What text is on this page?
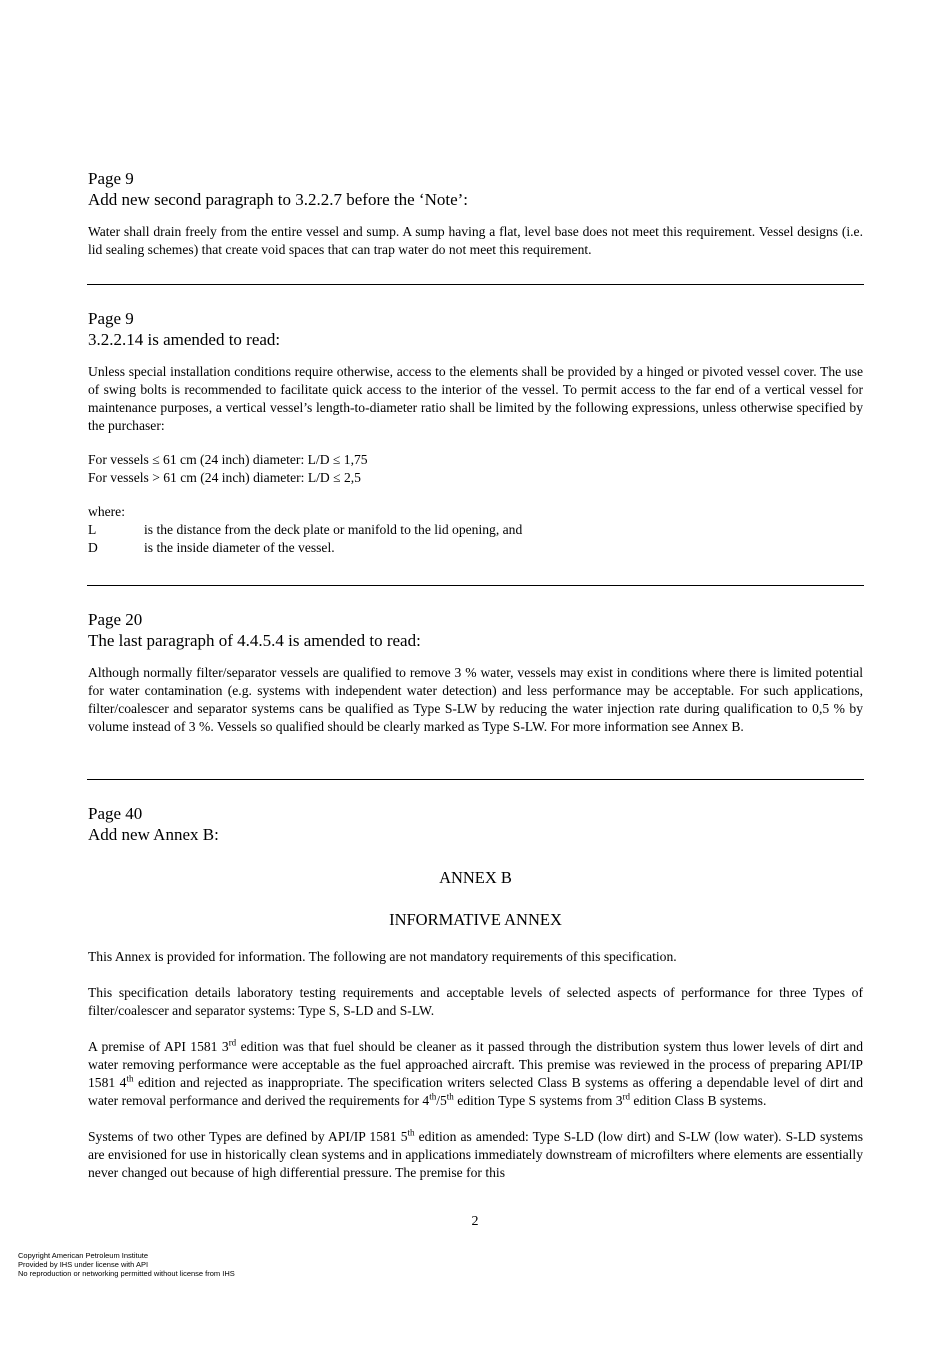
Page 9

Add new second paragraph to 3.2.2.7 before the ‘Note’:

Water shall drain freely from the entire vessel and sump. A sump having a flat, level base does not meet this requirement. Vessel designs (i.e. lid sealing schemes) that create void spaces that can trap water do not meet this requirement.

Page 9

3.2.2.14 is amended to read:

Unless special installation conditions require otherwise, access to the elements shall be provided by a hinged or pivoted vessel cover. The use of swing bolts is recommended to facilitate quick access to the interior of the vessel. To permit access to the far end of a vertical vessel for maintenance purposes, a vertical vessel’s length-to-diameter ratio shall be limited by the following expressions, unless otherwise specified by the purchaser:

For vessels ≤ 61 cm (24 inch) diameter: L/D ≤ 1,75

For vessels > 61 cm (24 inch) diameter: L/D ≤ 2,5

where:

L	is the distance from the deck plate or manifold to the lid opening, and
D	is the inside diameter of the vessel.

Page 20

The last paragraph of 4.4.5.4 is amended to read:

Although normally filter/separator vessels are qualified to remove 3 % water, vessels may exist in conditions where there is limited potential for water contamination (e.g. systems with independent water detection) and less performance may be acceptable. For such applications, filter/coalescer and separator systems cans be qualified as Type S-LW by reducing the water injection rate during qualification to 0,5 % by volume instead of 3 %. Vessels so qualified should be clearly marked as Type S-LW. For more information see Annex B.

Page 40

Add new Annex B:

ANNEX B
INFORMATIVE ANNEX

This Annex is provided for information. The following are not mandatory requirements of this specification.

This specification details laboratory testing requirements and acceptable levels of selected aspects of performance for three Types of filter/coalescer and separator systems: Type S, S-LD and S-LW.

A premise of API 1581 3rd edition was that fuel should be cleaner as it passed through the distribution system thus lower levels of dirt and water removing performance were acceptable as the fuel approached aircraft. This premise was reviewed in the process of preparing API/IP 1581 4th edition and rejected as inappropriate. The specification writers selected Class B systems as offering a dependable level of dirt and water removal performance and derived the requirements for 4th/5th edition Type S systems from 3rd edition Class B systems.

Systems of two other Types are defined by API/IP 1581 5th edition as amended: Type S-LD (low dirt) and S-LW (low water). S-LD systems are envisioned for use in historically clean systems and in applications immediately downstream of microfilters where elements are essentially never changed out because of high differential pressure. The premise for this

2
Copyright American Petroleum Institute
Provided by IHS under license with API
No reproduction or networking permitted without license from IHS
